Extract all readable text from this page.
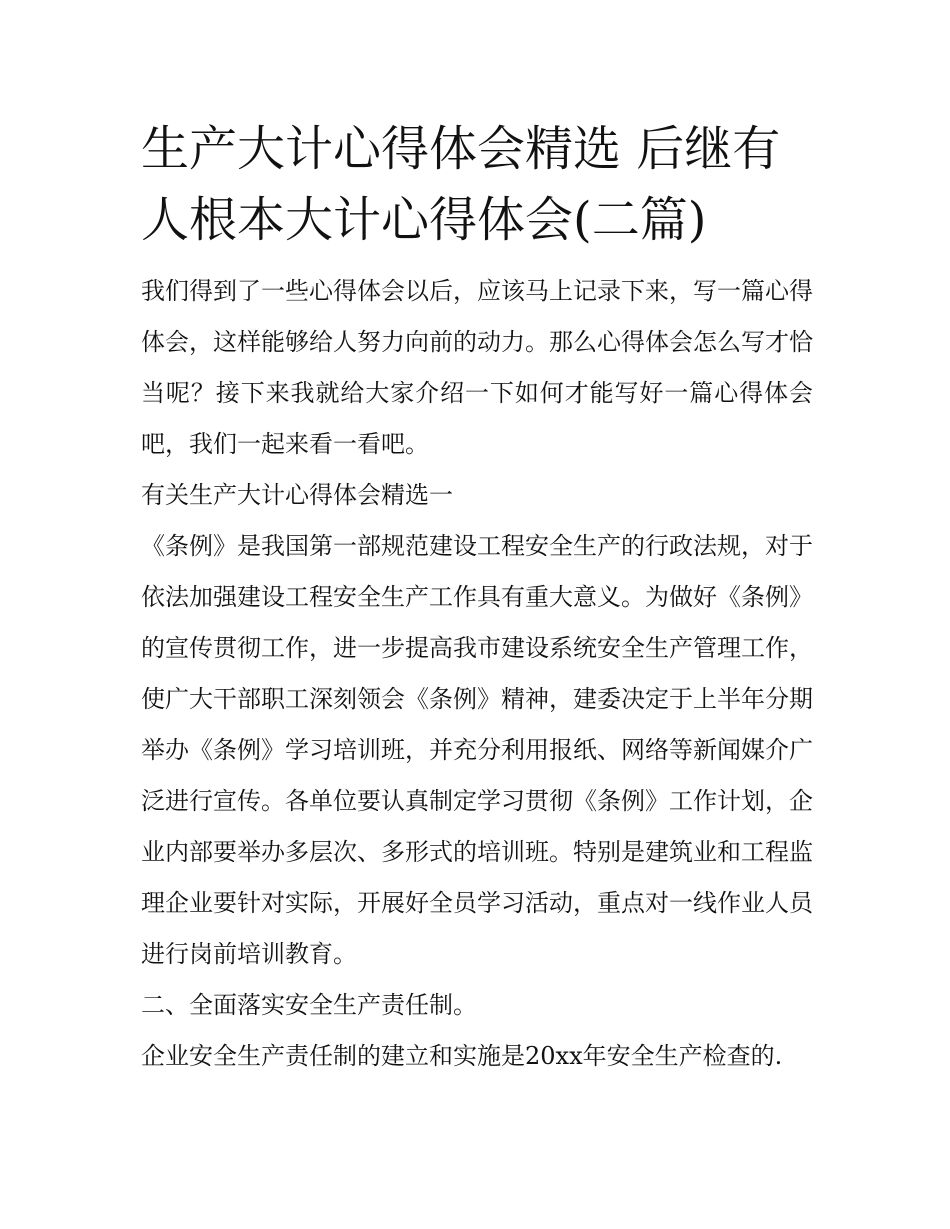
生产大计心得体会精选 后继有人根本大计心得体会(二篇)

我们得到了一些心得体会以后，应该马上记录下来，写一篇心得体会，这样能够给人努力向前的动力。那么心得体会怎么写才恰当呢？接下来我就给大家介绍一下如何才能写好一篇心得体会吧，我们一起来看一看吧。

有关生产大计心得体会精选一

《条例》是我国第一部规范建设工程安全生产的行政法规，对于依法加强建设工程安全生产工作具有重大意义。为做好《条例》的宣传贯彻工作，进一步提高我市建设系统安全生产管理工作，使广大干部职工深刻领会《条例》精神，建委决定于上半年分期举办《条例》学习培训班，并充分利用报纸、网络等新闻媒介广泛进行宣传。各单位要认真制定学习贯彻《条例》工作计划，企业内部要举办多层次、多形式的培训班。特别是建筑业和工程监理企业要针对实际，开展好全员学习活动，重点对一线作业人员进行岗前培训教育。

二、全面落实安全生产责任制。

企业安全生产责任制的建立和实施是20xx年安全生产检查的.
